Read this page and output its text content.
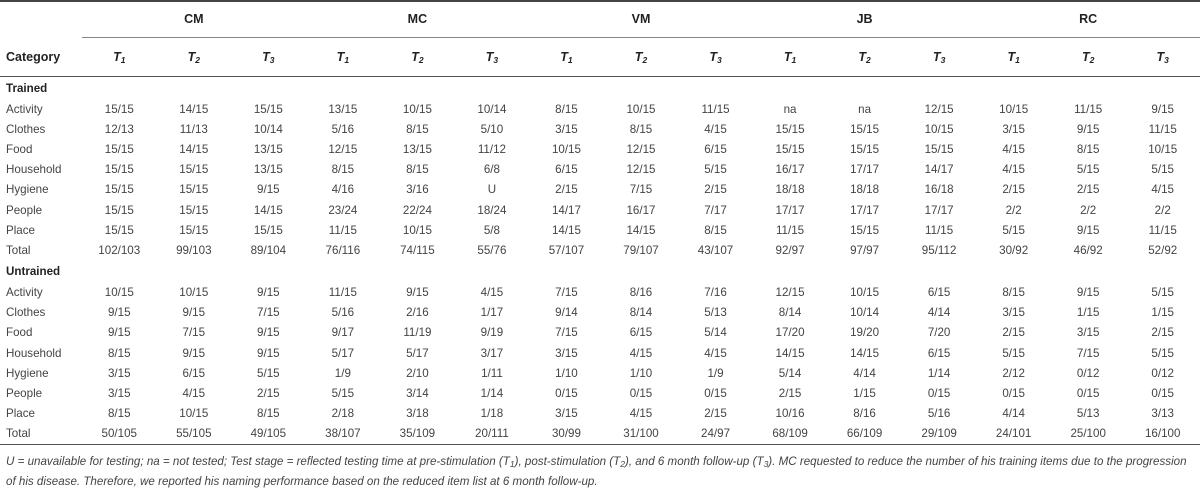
	CM			MC			VM			JB			RC		

Category	$T_1$	$T_2$	$T_3$	$T_1$	$T_2$	$T_3$	$T_1$	$T_2$	$T_3$	$T_1$	$T_2$	$T_3$	$T_1$	$T_2$	$T_3$
Trained															
Activity	15/15	14/15	15/15	13/15	10/15	10/14	8/15	10/15	11/15	na	na	12/15	10/15	11/15	9/15
Clothes	12/13	11/13	10/14	5/16	8/15	5/10	3/15	8/15	4/15	15/15	15/15	10/15	3/15	9/15	11/15
Food	15/15	14/15	13/15	12/15	13/15	11/12	10/15	12/15	6/15	15/15	15/15	15/15	4/15	8/15	10/15
Household	15/15	15/15	13/15	8/15	8/15	6/8	6/15	12/15	5/15	16/17	17/17	14/17	4/15	5/15	5/15
Hygiene	15/15	15/15	9/15	4/16	3/16	U	2/15	7/15	2/15	18/18	18/18	16/18	2/15	2/15	4/15
People	15/15	15/15	14/15	23/24	22/24	18/24	14/17	16/17	7/17	17/17	17/17	17/17	2/2	2/2	2/2
Place	15/15	15/15	15/15	11/15	10/15	5/8	14/15	14/15	8/15	11/15	15/15	11/15	5/15	9/15	11/15
Total	102/103	99/103	89/104	76/116	74/115	55/76	57/107	79/107	43/107	92/97	97/97	95/112	30/92	46/92	52/92
Untrained															
Activity	10/15	10/15	9/15	11/15	9/15	4/15	7/15	8/16	7/16	12/15	10/15	6/15	8/15	9/15	5/15
Clothes	9/15	9/15	7/15	5/16	2/16	1/17	9/14	8/14	5/13	8/14	10/14	4/14	3/15	1/15	1/15
Food	9/15	7/15	9/15	9/17	11/19	9/19	7/15	6/15	5/14	17/20	19/20	7/20	2/15	3/15	2/15
Household	8/15	9/15	9/15	5/17	5/17	3/17	3/15	4/15	4/15	14/15	14/15	6/15	5/15	7/15	5/15
Hygiene	3/15	6/15	5/15	1/9	2/10	1/11	1/10	1/10	1/9	5/14	4/14	1/14	2/12	0/12	0/12
People	3/15	4/15	2/15	5/15	3/14	1/14	0/15	0/15	0/15	2/15	1/15	0/15	0/15	0/15	0/15
Place	8/15	10/15	8/15	2/18	3/18	1/18	3/15	4/15	2/15	10/16	8/16	5/16	4/14	5/13	3/13
Total	50/105	55/105	49/105	38/107	35/109	20/111	30/99	31/100	24/97	68/109	66/109	29/109	24/101	25/100	16/100
U = unavailable for testing; na = not tested; Test stage = reflected testing time at pre-stimulation $(T_1)$, post-stimulation $(T_2)$, and 6 month follow-up $(T_3)$. MC requested to reduce the number of his training items due to the progression of his disease. Therefore, we reported his naming performance based on the reduced item list at 6 month follow-up.
